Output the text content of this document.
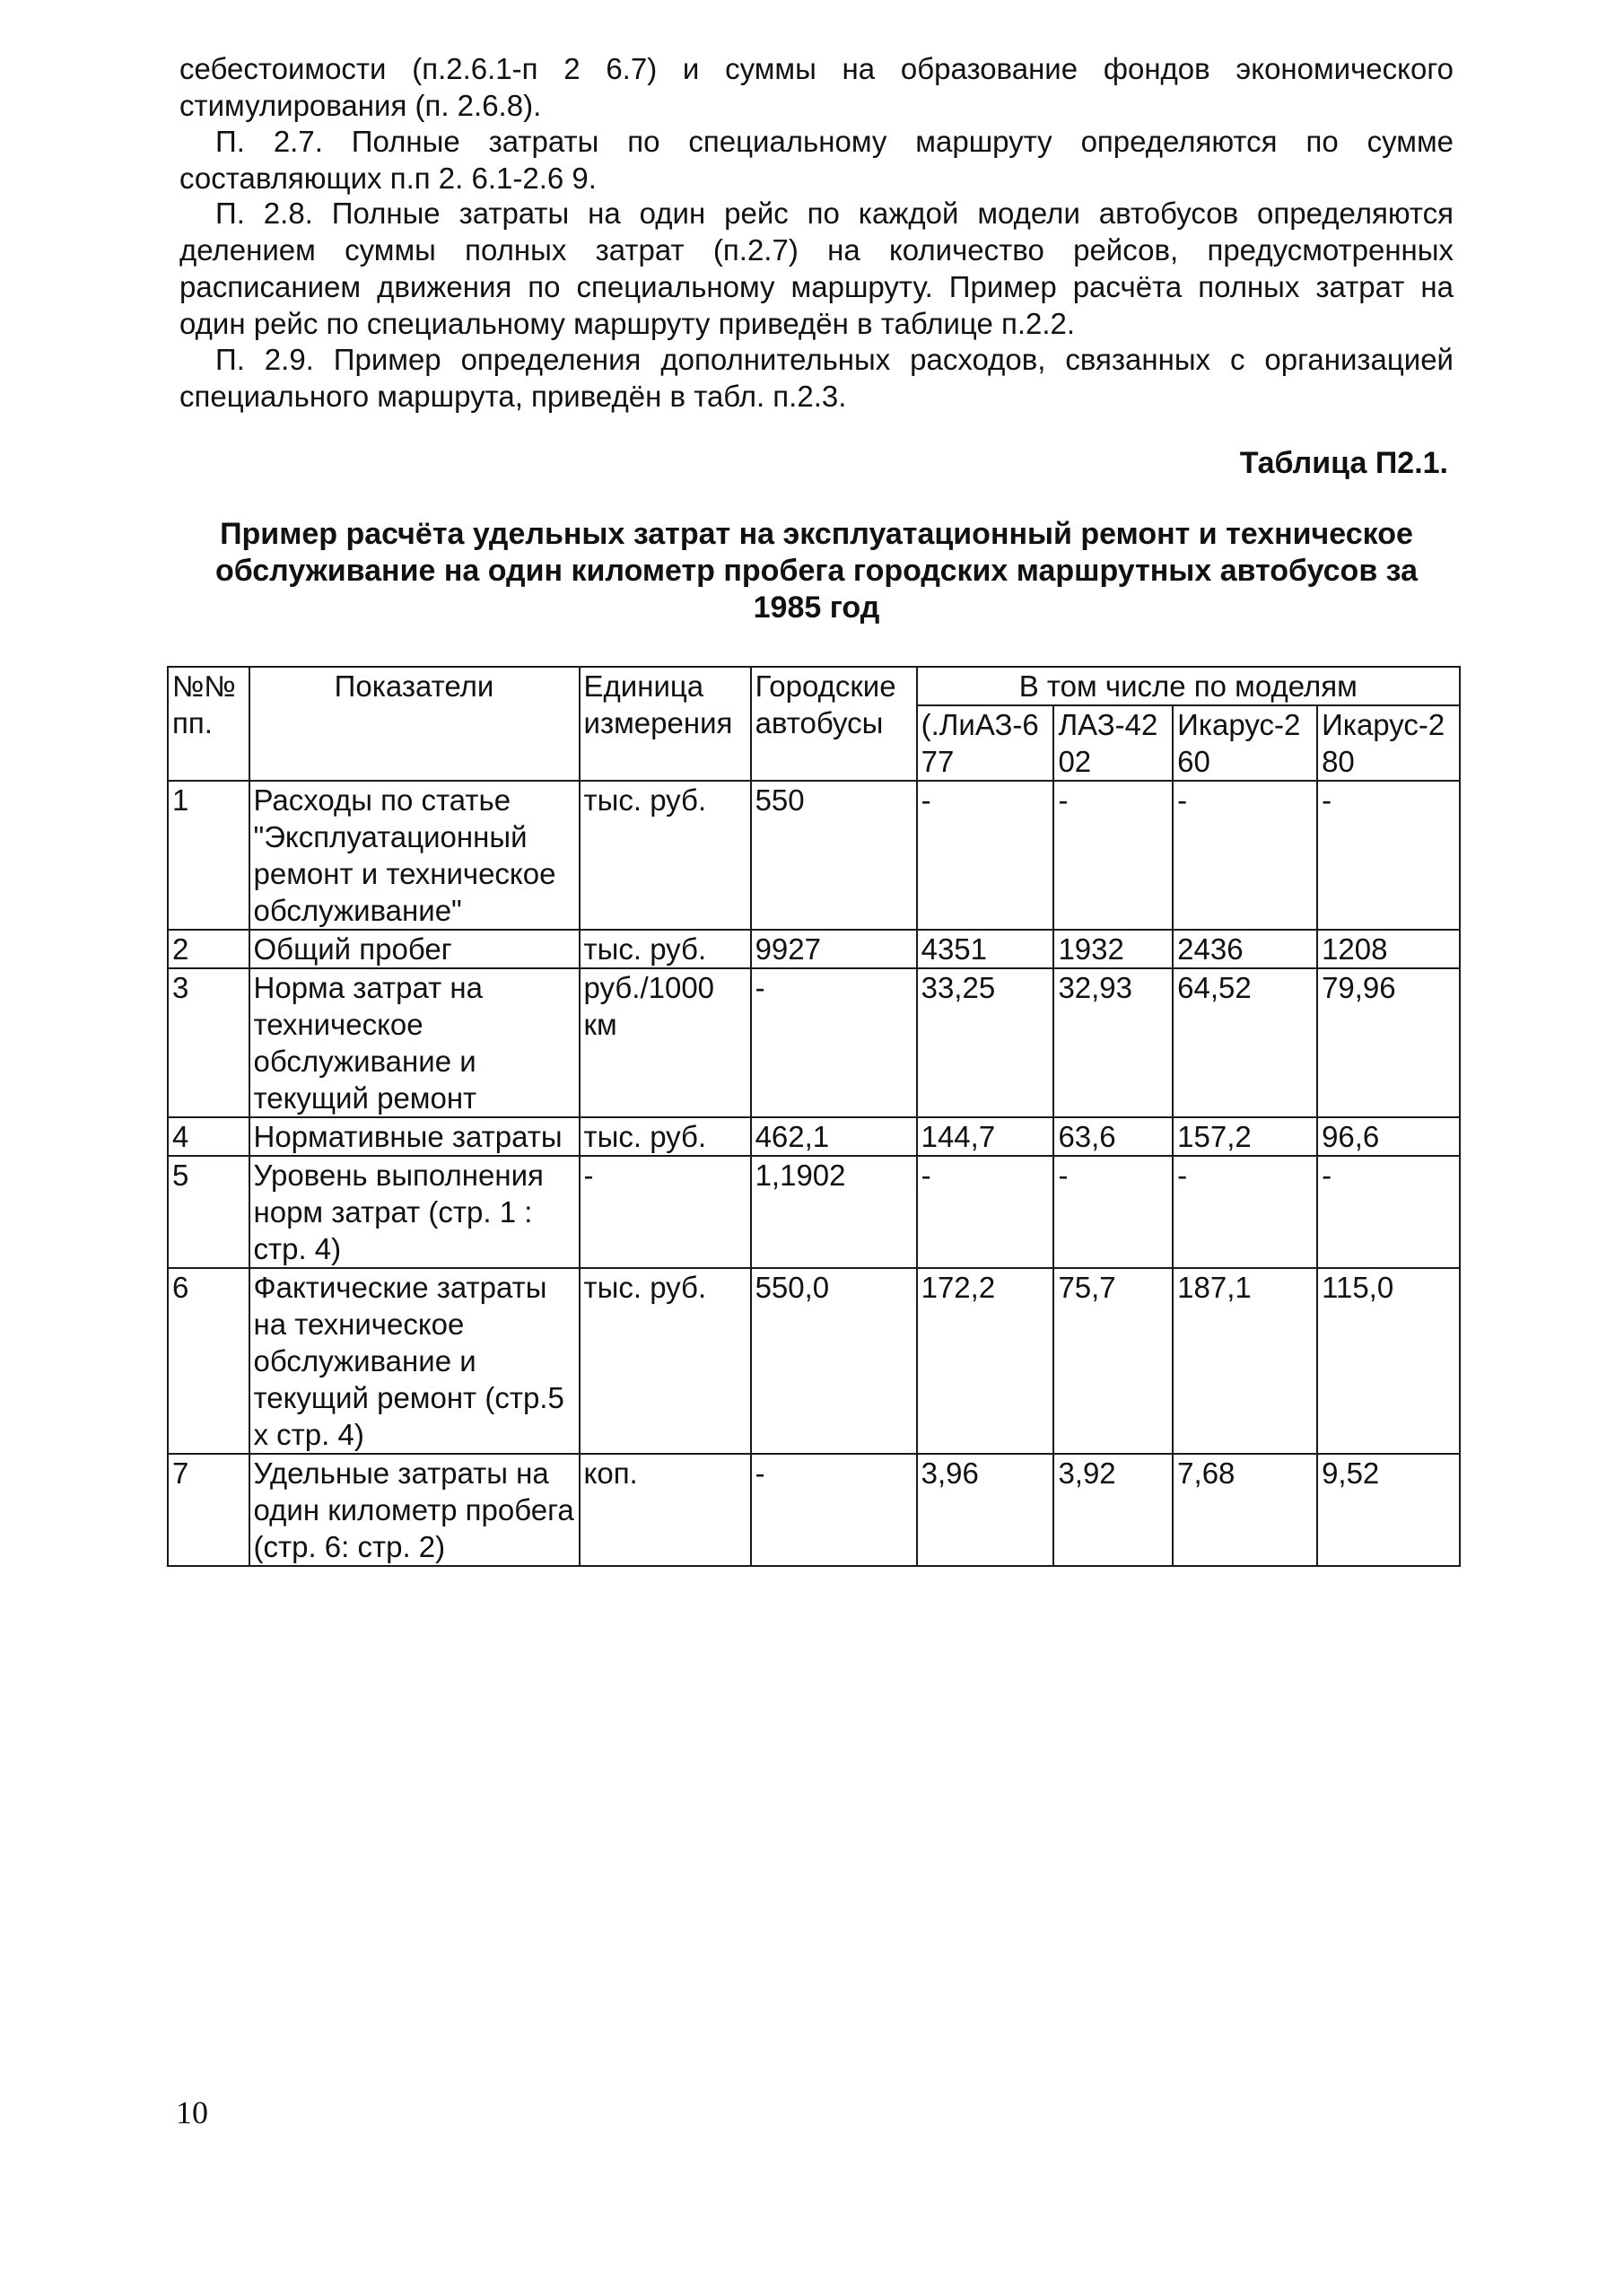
себестоимости (п.2.6.1-п 2 6.7) и суммы на образование фондов экономического стимулирования (п. 2.6.8).

П. 2.7. Полные затраты по специальному маршруту определяются по сумме составляющих п.п 2. 6.1-2.6 9.

П. 2.8. Полные затраты на один рейс по каждой модели автобусов определяются делением суммы полных затрат (п.2.7) на количество рейсов, предусмотренных расписанием движения по специальному маршруту. Пример расчёта полных затрат на один рейс по специальному маршруту приведён в таблице п.2.2.

П. 2.9. Пример определения дополнительных расходов, связанных с организацией специального маршрута, приведён в табл. п.2.3.

Таблица П2.1.

Пример расчёта удельных затрат на эксплуатационный ремонт и техническое обслуживание на один километр пробега городских маршрутных автобусов за 1985 год

№№ пп.	Показатели	Единица измерения	Городские автобусы	В том числе по моделям			
				(.ЛиАЗ-677	ЛАЗ-4202	Икарус-260	Икарус-280
1	Расходы по статье "Эксплуатационный ремонт и техническое обслуживание"	тыс. руб.	550	-	-	-	-
2	Общий пробег	тыс. руб.	9927	4351	1932	2436	1208
3	Норма затрат на техническое обслуживание и текущий ремонт	руб./1000 км	-	33,25	32,93	64,52	79,96
4	Нормативные затраты	тыс. руб.	462,1	144,7	63,6	157,2	96,6
5	Уровень выполнения норм затрат (стр. 1 : стр. 4)	-	1,1902	-	-	-	-
6	Фактические затраты на техническое обслуживание и текущий ремонт (стр.5 х стр. 4)	тыс. руб.	550,0	172,2	75,7	187,1	115,0
7	Удельные затраты на один километр пробега (стр. 6: стр. 2)	коп.	-	3,96	3,92	7,68	9,52

10
